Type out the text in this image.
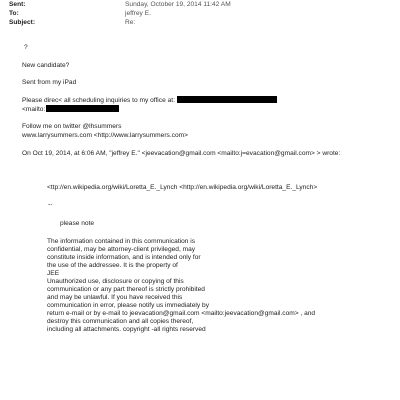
Sent:	Sunday, October 19, 2014 11:42 AM
To:	jeffrey E.
Subject:	Re:
?
New candidate?
Sent from my iPad
Please direc< all scheduling inquiries to my office at:
<mailto:
Follow me on twitter @lhsummers
www.larrysummers.com <http://www.larrysummers.com>
On Oct 19, 2014, at 6:06 AM, "jeffrey E." <jeevacation@gmail.com <mailto:j=evacation@gmail.com> > wrote:
<ttp://en.wikipedia.org/wiki/Loretta_E._Lynch <http://en.wikipedia.org/wiki/Loretta_E._Lynch>
--
please note
The information contained in this communication is
confidential, may be attorney-client privileged, may
constitute inside information, and is intended only for
the use of the addressee. It is the property of
JEE
Unauthorized use, disclosure or copying of this
communication or any part thereof is strictly prohibited
and may be unlawful. If you have received this
communication in error, please notify us immediately by
return e-mail or by e-mail to jeevacation@gmail.com <mailto:jeevacation@gmail.com> , and
destroy this communication and all copies thereof,
including all attachments. copyright -all rights reserved
